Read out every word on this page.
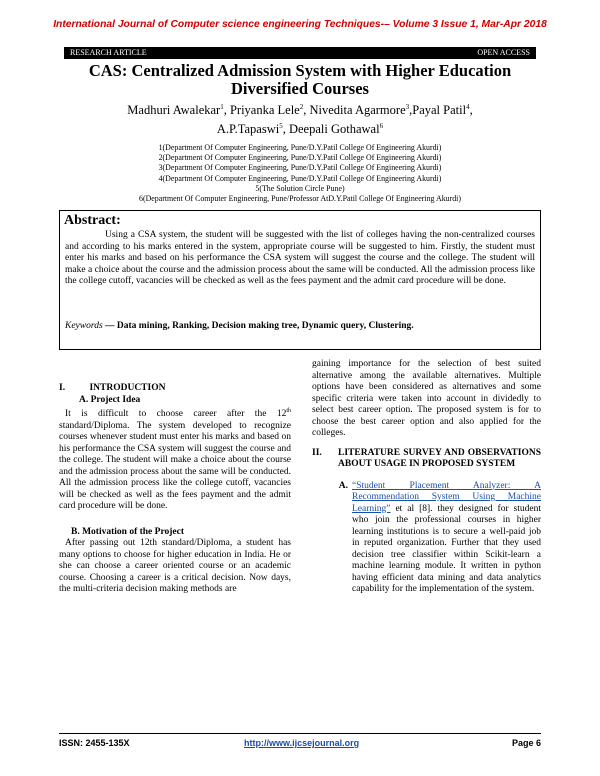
International Journal of Computer science engineering Techniques-– Volume 3 Issue 1, Mar-Apr 2018
RESEARCH ARTICLE	OPEN ACCESS
CAS: Centralized Admission System with Higher Education
Diversified Courses
Madhuri Awalekar$^1$, Priyanka Lele$^2$, Nivedita Agarmore$^3$,Payal Patil$^4$,
A.P.Tapaswi$^5$, Deepali Gothawal$^6$
1(Department Of Computer Engineering, Pune/D.Y.Patil College Of Engineering Akurdi)
2(Department Of Computer Engineering, Pune/D.Y.Patil College Of Engineering Akurdi)
3(Department Of Computer Engineering, Pune/D.Y.Patil College Of Engineering Akurdi)
4(Department Of Computer Engineering, Pune/D.Y.Patil College Of Engineering Akurdi)
5(The Solution Circle Pune)
6(Department Of Computer Engineering, Pune/Professor AtD.Y.Patil College Of Engineering Akurdi)
Abstract:
Using a CSA system, the student will be suggested with the list of colleges having the non-centralized courses and according to his marks entered in the system, appropriate course will be suggested to him. Firstly, the student must enter his marks and based on his performance the CSA system will suggest the course and the college. The student will make a choice about the course and the admission process about the same will be conducted. All the admission process like the college cutoff, vacancies will be checked as well as the fees payment and the admit card procedure will be done.
Keywords — Data mining, Ranking, Decision making tree, Dynamic query, Clustering.
I.	INTRODUCTION
A. Project Idea
It is difficult to choose career after the 12th standard/Diploma. The system developed to recognize courses whenever student must enter his marks and based on his performance the CSA system will suggest the course and the college. The student will make a choice about the course and the admission process about the same will be conducted. All the admission process like the college cutoff, vacancies will be checked as well as the fees payment and the admit card procedure will be done.
B. Motivation of the Project
After passing out 12th standard/Diploma, a student has many options to choose for higher education in India. He or she can choose a career oriented course or an academic course. Choosing a career is a critical decision. Now days, the multi-criteria decision making methods are
gaining importance for the selection of best suited alternative among the available alternatives. Multiple options have been considered as alternatives and some specific criteria were taken into account in dividedly to select best career option. The proposed system is for to choose the best career option and also applied for the colleges.
II.	LITERATURE SURVEY AND OBSERVATIONS ABOUT USAGE IN PROPOSED SYSTEM
A. “Student Placement Analyzer: A Recommendation System Using Machine Learning” et al [8]. they designed for student who join the professional courses in higher learning institutions is to secure a well-paid job in reputed organization. Further that they used decision tree classifier within Scikit-learn a machine learning module. It written in python having efficient data mining and data analytics capability for the implementation of the system.
ISSN: 2455-135X	http://www.ijcsejournal.org	Page 6
